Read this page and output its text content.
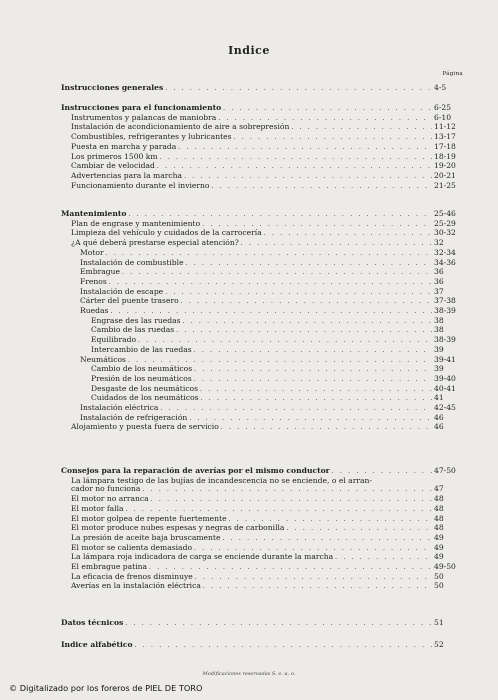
Indice
Página
Instrucciones generales . . .	4-5
Instrucciones para el funcionamiento . . .	6-25
Instrumentos y palancas de maniobra . . .	6-10
Instalación de acondicionamiento de aire a sobrepresión . . .	11-12
Combustibles, refrigerantes y lubricantes . . .	13-17
Puesta en marcha y parada . . .	17-18
Los primeros 1500 km . . .	18-19
Cambiar de velocidad . . .	19-20
Advertencias para la marcha . . .	20-21
Funcionamiento durante el invierno . . .	21-25
Mantenimiento . . .	25-46
Plan de engrase y mantenimiento . . .	25-29
Limpieza del vehículo y cuidados de la carrocería . . .	30-32
¿A qué deberá prestarse especial atención? . . .	32
Motor . . .	32-34
Instalación de combustible . . .	34-36
Embrague . . .	36
Frenos . . .	36
Instalación de escape . . .	37
Cárter del puente trasero . . .	37-38
Ruedas . . .	38-39
Engrase des las ruedas . . .	38
Cambio de las ruedas . . .	38
Equilibrado . . .	38-39
Intercambio de las ruedas . . .	39
Neumáticos . . .	39-41
Cambio de los neumáticos . . .	39
Presión de los neumáticos . . .	39-40
Desgaste de los neumáticos . . .	40-41
Cuidados de los neumáticos . . .	41
Instalación eléctrica . . .	42-45
Instalación de refrigeración . . .	46
Alojamiento y puesta fuera de servicio . . .	46
Consejos para la reparación de averías por el mismo conductor . . .	47-50
La lámpara testigo de las bujías de incandescencia no se enciende, o el arran-
cador no funciona . . .	47
El motor no arranca . . .	48
El motor falla . . .	48
El motor golpea de repente fuertemente . . .	48
El motor produce nubes espesas y negras de carbonilla . . .	48
La presión de aceite baja bruscamente . . .	49
El motor se calienta demasiado . . .	49
La lámpara roja indicadora de carga se enciende durante la marcha . . .	49
El embrague patina . . .	49-50
La eficacia de frenos disminuye . . .	50
Averías en la instalación eléctrica . . .	50
Datos técnicos . . .	51
Indice alfabético . . .	52
Modificaciones reservadas S. e. u. o.
© Digitalizado por los foreros de PIEL DE TORO
